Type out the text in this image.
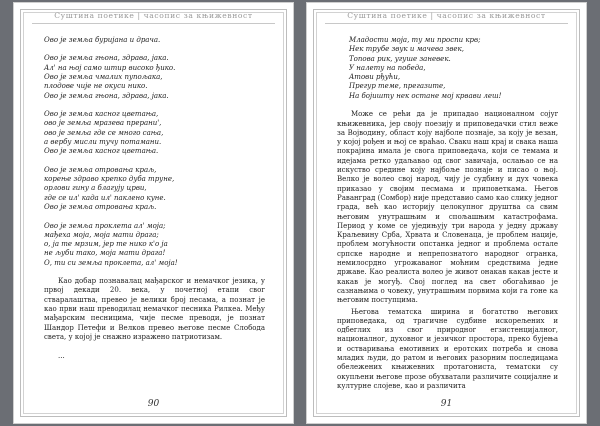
Суштина поетике | часопис за књижевност

Ово је земља буријана и драча.

Ово је земља гњона, здрава, јака.

Ал' на њој само штир високо ђико.

Ово је земља чмалих пупољака,

плодове чије не окуси нико.

Ово је земља гњона, здрава, јака.

Ово је земља касног цветања,

ово је земља мразева прерани',

ово је земља где се много сања,

а вербу мисли тучу потамани.

Ово је земља касног цветања.

Ово је земља отровања краљ,

корење здраво крепко дуба труне,

орлови гину а благују црви,

где се ил' када ил' пакленo куне.

Ово је земља отровања краљ.

Ово је земља проклета ал' моја;

мађеха моја, моја мати драга;

о, ја те мрзим, јер те нико к'о ја

не љуби тако, моја мати драга!

О, ти си земља проклета, ал' моја!

Као добар познавалац мађарског и немачког језика, у првој декади 20. века, у почетној етапи свог стваралаштва, превео је велики број песама, а познат је као први наш преводилац немачког песника Рилкеа. Међу мађарским песницима, чије песме преводи, је познат Шандор Петефи и Велков превео његове песме Слобода света, у којој је снажно изражено патриотизам.

...
90
Суштина поетике | часопис за књижевност

Младости моја, ту ми проспи крв;

Нек трубе звук и мачева звек,

Топова рик, угуше заневек.

У налету на победа,

Атови рђући,

Прегур теме, прегазите,

На бојишту нек остане мој крвави леш!

Може се рећи да је припадао националном сојуr књижевника, јер своју поезију и приповедачки стил веже за Војводину, област коју најболе познаје, за коју је везан, у којој рођен и њој се враћао. Свакu наш крај и свака наша покрајина имала је свога приповедача, који се темама и идејама ретко удаљавао од свог завичаја, ослањао се на искуство средине коју најбоље познаје и писао о њој. Велко је волео свој народ, чију је судбину и дух човека приказао у својим песмама и приповеткама. Његов Раванград (Сомбор) није представио само као слику једног града, већ као историју целокупног друштва са свим његовим унутрашњим и спољашњим катастрофама. Период у коме се уједињују три народа у једну државу Краљевину Срба, Хрвата и Словенаца, је проблем нације, проблем могућности опстанка једног и проблема остале српске народне и непрепознатого народног огранка, немилосрдно угрожаваног моћним средствима једне државе. Као реалиста волео је живот онакав какав јесте и какав је могуђ. Свој поглед на свет обогаћивао је сазнањима о човеку, унутрашњим порвима који га гоне ка његовим поступцима.

Његова тематска ширина и богатство његових приповедака, од трагичне судбине искорељених и одбеглих из свог природног егзистенцијалног, националног, духовног и језичког простора, преко бујења и остваривања емотивних и еротских потреба и снова младих људи, до ратом и његових разорним последицама обележених књижевних протагониста, тематски су окупљени његове прозе обухватали различите социјалне и културне слојеве, као и различита

91
